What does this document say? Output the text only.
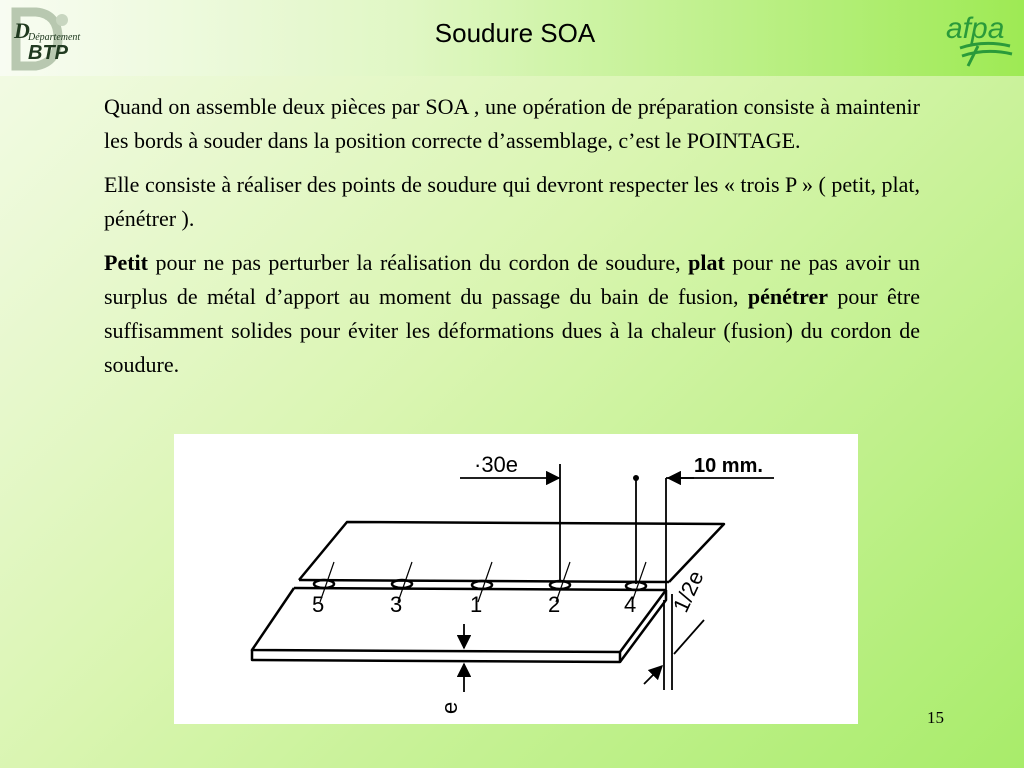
D
Département
BTP
Soudure SOA	afpa

Quand on assemble deux pièces par SOA , une opération de préparation consiste à maintenir les bords à souder dans la position correcte d’assemblage, c’est le POINTAGE.

Elle consiste à réaliser des points de soudure qui devront respecter les « trois P » ( petit, plat, pénétrer ).

Petit pour ne pas perturber la réalisation du cordon de soudure, plat pour ne pas avoir un surplus de métal d’apport au moment du passage du bain de fusion, pénétrer pour être suffisamment solides pour éviter les déformations dues à la chaleur (fusion) du cordon de soudure.

·30e	10 mm.
e
1/2e
5	3	1	2	4
15
